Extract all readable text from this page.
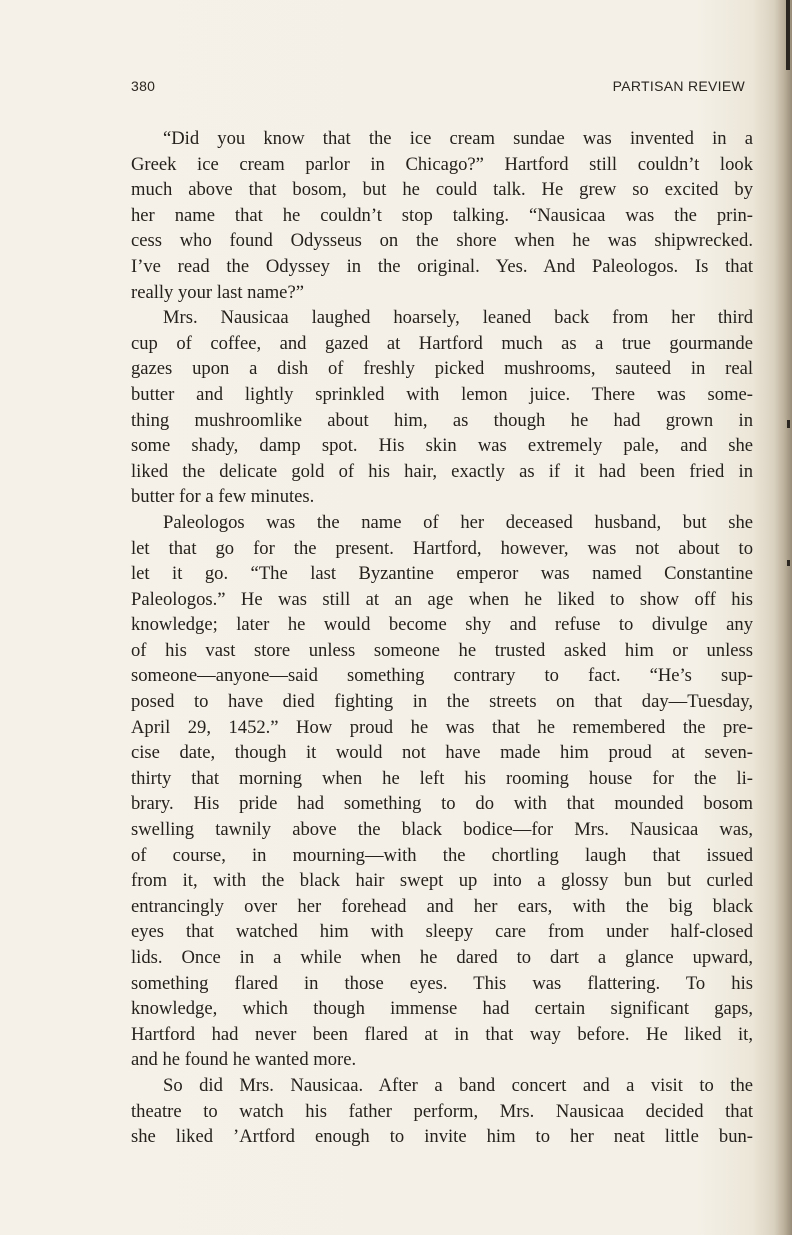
380	PARTISAN REVIEW
“Did you know that the ice cream sundae was invented in a
Greek ice cream parlor in Chicago?” Hartford still couldn’t look
much above that bosom, but he could talk. He grew so excited by
her name that he couldn’t stop talking. “Nausicaa was the prin-
cess who found Odysseus on the shore when he was shipwrecked.
I’ve read the Odyssey in the original. Yes. And Paleologos. Is that
really your last name?”
Mrs. Nausicaa laughed hoarsely, leaned back from her third
cup of coffee, and gazed at Hartford much as a true gourmande
gazes upon a dish of freshly picked mushrooms, sauteed in real
butter and lightly sprinkled with lemon juice. There was some-
thing mushroomlike about him, as though he had grown in
some shady, damp spot. His skin was extremely pale, and she
liked the delicate gold of his hair, exactly as if it had been fried in
butter for a few minutes.
Paleologos was the name of her deceased husband, but she
let that go for the present. Hartford, however, was not about to
let it go. “The last Byzantine emperor was named Constantine
Paleologos.” He was still at an age when he liked to show off his
knowledge; later he would become shy and refuse to divulge any
of his vast store unless someone he trusted asked him or unless
someone—anyone—said something contrary to fact. “He’s sup-
posed to have died fighting in the streets on that day—Tuesday,
April 29, 1452.” How proud he was that he remembered the pre-
cise date, though it would not have made him proud at seven-
thirty that morning when he left his rooming house for the li-
brary. His pride had something to do with that mounded bosom
swelling tawnily above the black bodice—for Mrs. Nausicaa was,
of course, in mourning—with the chortling laugh that issued
from it, with the black hair swept up into a glossy bun but curled
entrancingly over her forehead and her ears, with the big black
eyes that watched him with sleepy care from under half-closed
lids. Once in a while when he dared to dart a glance upward,
something flared in those eyes. This was flattering. To his
knowledge, which though immense had certain significant gaps,
Hartford had never been flared at in that way before. He liked it,
and he found he wanted more.
So did Mrs. Nausicaa. After a band concert and a visit to the
theatre to watch his father perform, Mrs. Nausicaa decided that
she liked ’Artford enough to invite him to her neat little bun-
